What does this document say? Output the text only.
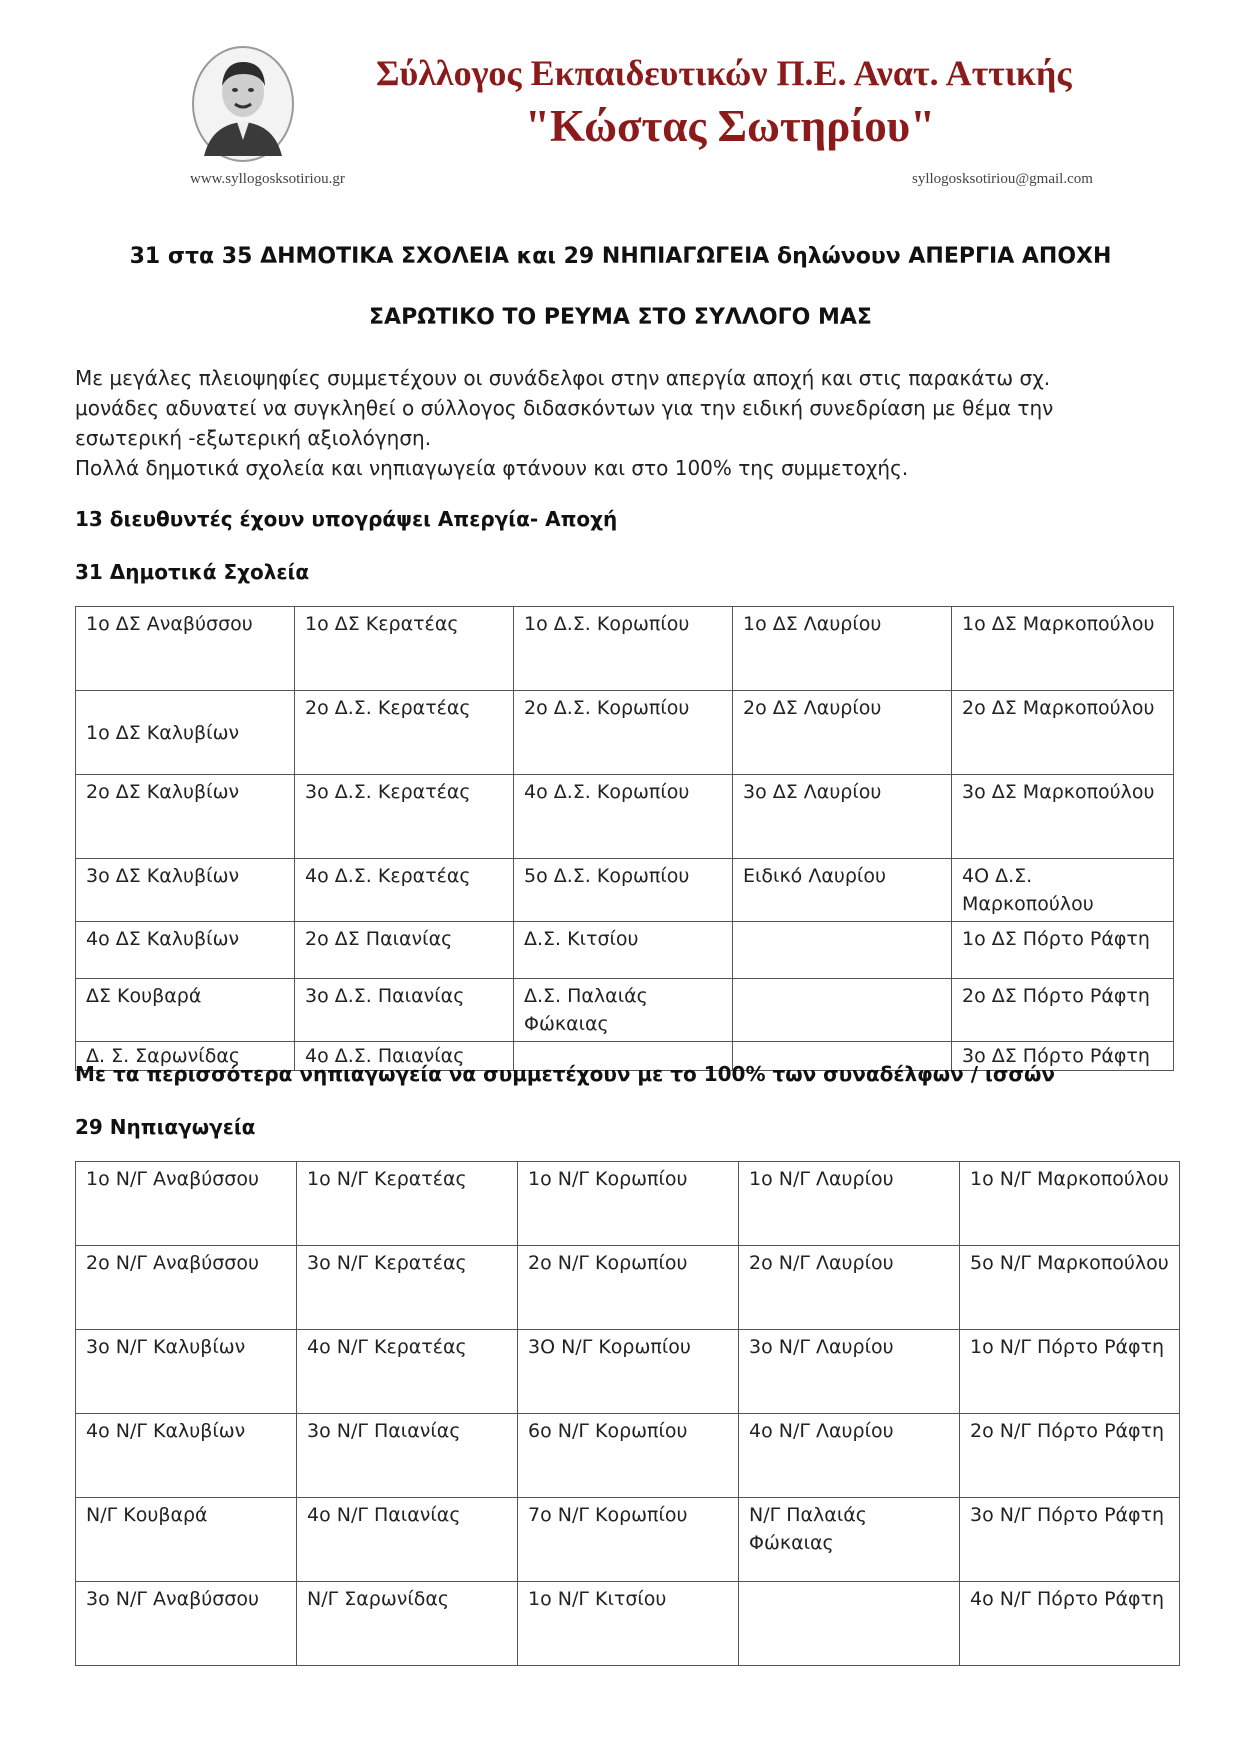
Σύλλογος Εκπαιδευτικών Π.Ε. Ανατ. Αττικής
"Κώστας Σωτηρίου"
www.syllogosksotiriou.gr	syllogosksotiriou@gmail.com
31 στα 35 ΔΗΜΟΤΙΚΑ ΣΧΟΛΕΙΑ και 29 ΝΗΠΙΑΓΩΓΕΙΑ δηλώνουν ΑΠΕΡΓΙΑ ΑΠΟΧΗ
ΣΑΡΩΤΙΚΟ ΤΟ ΡΕΥΜΑ ΣΤΟ ΣΥΛΛΟΓΟ ΜΑΣ
Με μεγάλες πλειοψηφίες συμμετέχουν οι συνάδελφοι στην απεργία αποχή και στις παρακάτω σχ.
μονάδες αδυνατεί να συγκληθεί ο σύλλογος διδασκόντων για την ειδική συνεδρίαση με θέμα την
εσωτερική -εξωτερική αξιολόγηση.
Πολλά δημοτικά σχολεία και νηπιαγωγεία φτάνουν και στο 100% της συμμετοχής.
13 διευθυντές έχουν υπογράψει Απεργία- Αποχή
31 Δημοτικά Σχολεία
1ο ΔΣ Αναβύσσου	1ο ΔΣ Κερατέας	1ο Δ.Σ. Κορωπίου	1ο ΔΣ Λαυρίου	1ο ΔΣ Μαρκοπούλου
1ο ΔΣ Καλυβίων	2ο Δ.Σ. Κερατέας	2ο Δ.Σ. Κορωπίου	2ο ΔΣ Λαυρίου	2ο ΔΣ Μαρκοπούλου
2ο ΔΣ Καλυβίων	3ο Δ.Σ. Κερατέας	4ο Δ.Σ. Κορωπίου	3ο ΔΣ Λαυρίου	3ο ΔΣ Μαρκοπούλου
3ο ΔΣ Καλυβίων	4ο Δ.Σ. Κερατέας	5ο Δ.Σ. Κορωπίου	Ειδικό Λαυρίου	4Ο Δ.Σ. Μαρκοπούλου
4ο ΔΣ Καλυβίων	2ο ΔΣ Παιανίας	Δ.Σ. Κιτσίου		1ο ΔΣ Πόρτο Ράφτη
ΔΣ Κουβαρά	3ο Δ.Σ. Παιανίας	Δ.Σ. Παλαιάς Φώκαιας		2ο ΔΣ Πόρτο Ράφτη
Δ. Σ. Σαρωνίδας	4ο Δ.Σ. Παιανίας			3ο ΔΣ Πόρτο Ράφτη
Με τα περισσότερα νηπιαγωγεία να συμμετέχουν με το 100% των συναδέλφων / ισσών
29 Νηπιαγωγεία
1ο Ν/Γ Αναβύσσου	1ο Ν/Γ Κερατέας	1ο Ν/Γ Κορωπίου	1ο Ν/Γ Λαυρίου	1ο Ν/Γ Μαρκοπούλου
2ο Ν/Γ Αναβύσσου	3ο Ν/Γ Κερατέας	2ο Ν/Γ Κορωπίου	2ο Ν/Γ Λαυρίου	5ο Ν/Γ Μαρκοπούλου
3ο Ν/Γ Καλυβίων	4ο Ν/Γ Κερατέας	3Ο Ν/Γ Κορωπίου	3ο Ν/Γ Λαυρίου	1ο Ν/Γ Πόρτο Ράφτη
4ο Ν/Γ Καλυβίων	3ο Ν/Γ Παιανίας	6ο Ν/Γ Κορωπίου	4ο Ν/Γ Λαυρίου	2ο Ν/Γ Πόρτο Ράφτη
Ν/Γ Κουβαρά	4ο Ν/Γ Παιανίας	7ο Ν/Γ Κορωπίου	Ν/Γ Παλαιάς Φώκαιας	3ο Ν/Γ Πόρτο Ράφτη
3ο Ν/Γ Αναβύσσου	Ν/Γ Σαρωνίδας	1ο Ν/Γ Κιτσίου		4ο Ν/Γ Πόρτο Ράφτη
